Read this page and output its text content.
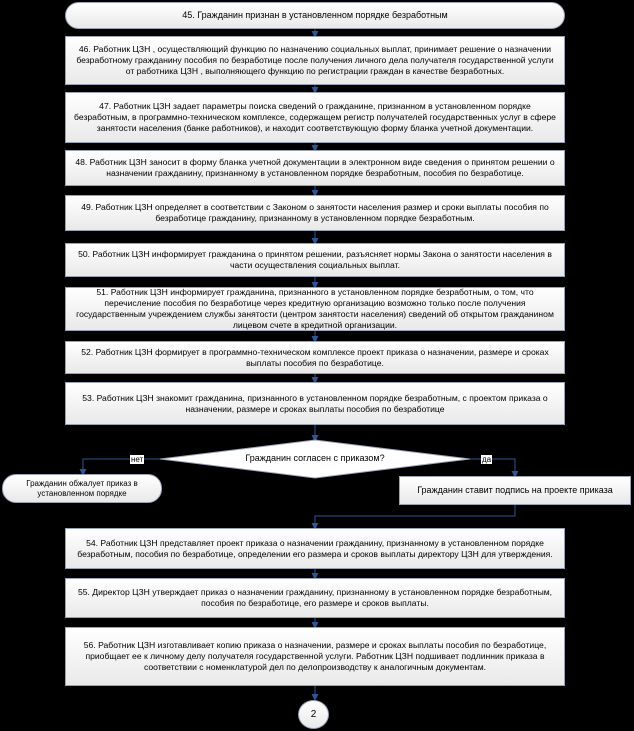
45. Гражданин признан в установленном порядке безработным
46. Работник ЦЗН , осуществляющий функцию по назначению социальных выплат, принимает решение о назначении безработному гражданину пособия по безработице после получения личного дела получателя государственной услуги от работника ЦЗН , выполняющего функцию по регистрации граждан в качестве безработных.
47. Работник ЦЗН задает параметры поиска сведений о гражданине, признанном в установленном порядке безработным, в программно-техническом комплексе, содержащем регистр получателей государственных услуг в сфере занятости населения (банке работников), и находит соответствующую форму бланка учетной документации.
48. Работник ЦЗН заносит в форму бланка учетной документации в электронном виде сведения о принятом решении о назначении гражданину, признанному в установленном порядке безработным, пособия по безработице.
49. Работник ЦЗН определяет в соответствии с Законом о занятости населения размер и сроки выплаты пособия по безработице гражданину, признанному в установленном порядке безработным.
50. Работник ЦЗН информирует гражданина о принятом решении, разъясняет нормы Закона о занятости населения в части осуществления социальных выплат.
51. Работник ЦЗН информирует гражданина, признанного в установленном порядке безработным, о том, что перечисление пособия по безработице через кредитную организацию возможно только после получения государственным учреждением службы занятости (центром занятости населения) сведений об открытом гражданином лицевом счете в кредитной организации.
52. Работник ЦЗН формирует в программно-техническом комплексе проект приказа о назначении, размере и сроках выплаты пособия по безработице.
53. Работник ЦЗН знакомит гражданина, признанного в установленном порядке безработным, с проектом приказа о назначении, размере и сроках выплаты пособия по безработице
Гражданин согласен с приказом?
нет	да
Гражданин обжалует приказ в установленном порядке	Гражданин ставит подпись на проекте приказа
54. Работник ЦЗН представляет проект приказа о назначении гражданину, признанному в установленном порядке безработным, пособия по безработице, определении его размера и сроков выплаты директору ЦЗН для утверждения.
55. Директор ЦЗН утверждает приказ о назначении гражданину, признанному в установленном порядке безработным, пособия по безработице, его размере и сроков выплаты.
56. Работник ЦЗН изготавливает копию приказа о назначении, размере и сроках выплаты пособия по безработице, приобщает ее к личному делу получателя государственной услуги. Работник ЦЗН подшивает подлинник приказа в соответствии с номенклатурой дел по делопроизводству к аналогичным документам.
2
